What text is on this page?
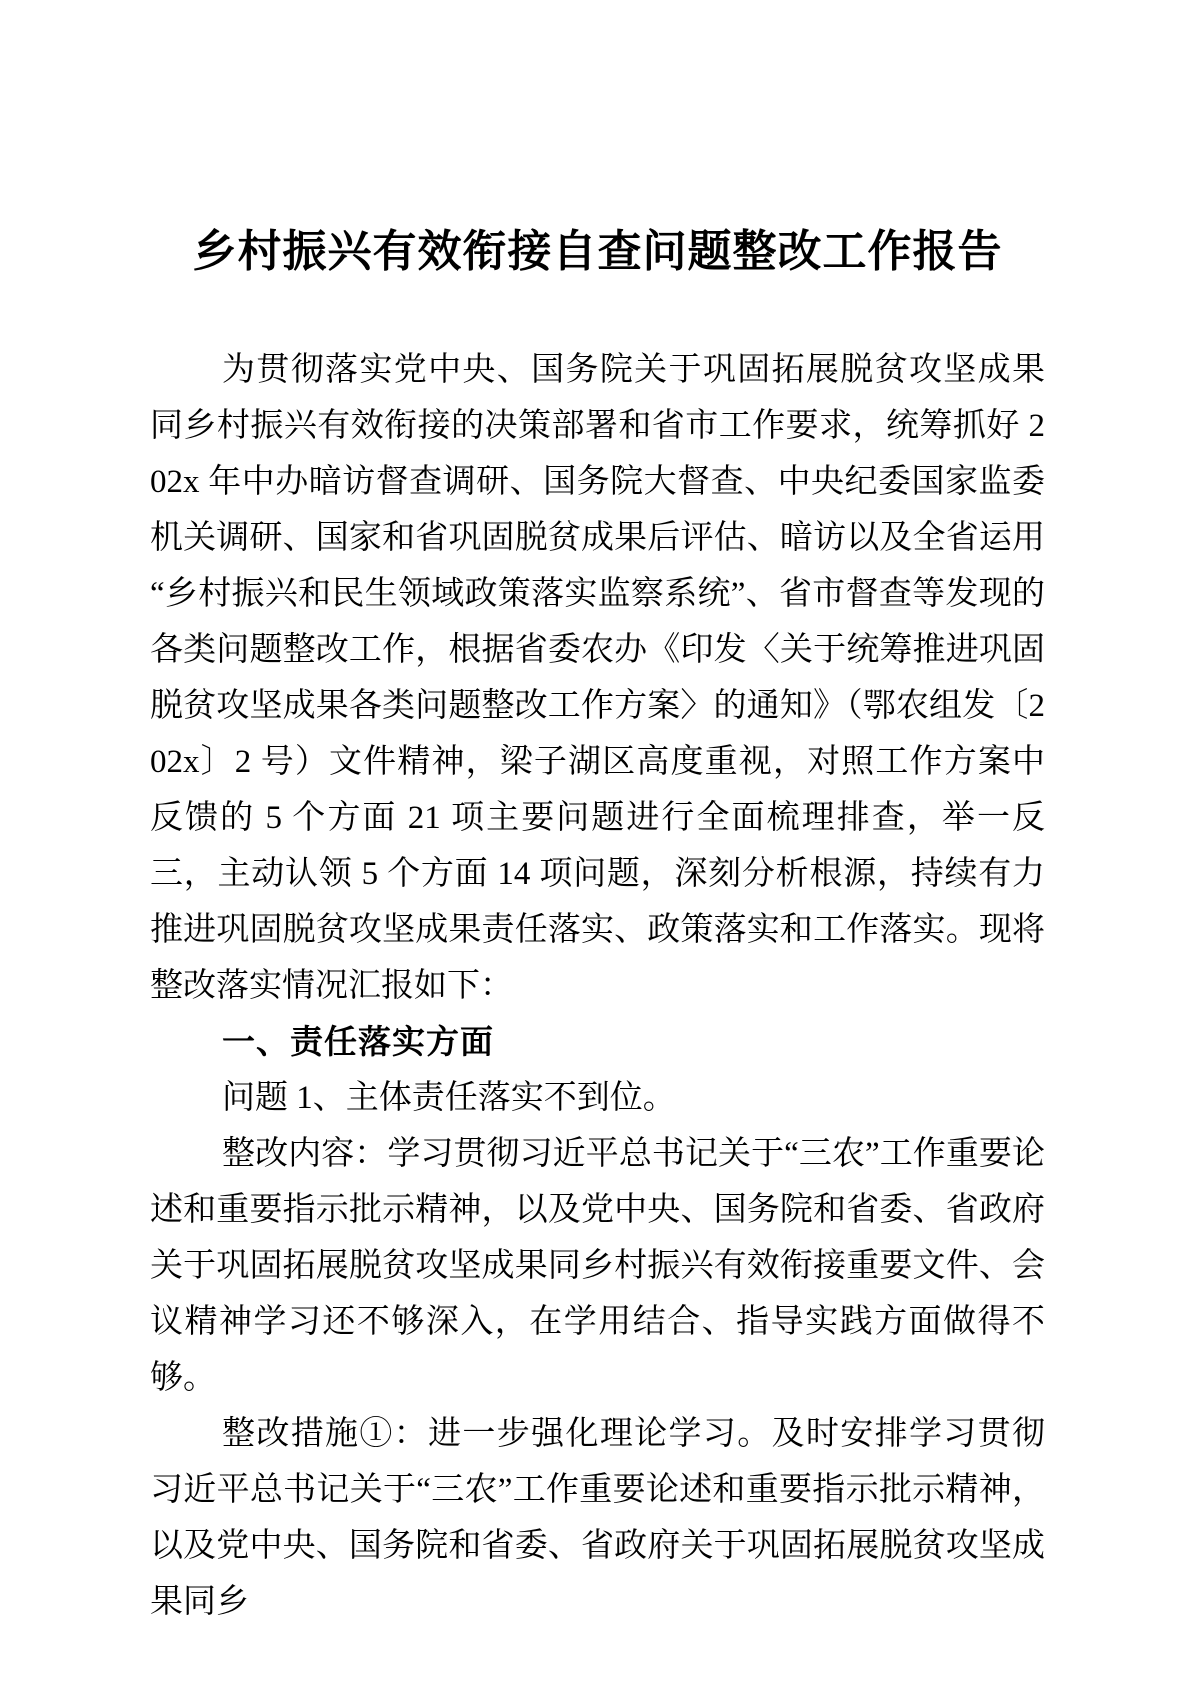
乡村振兴有效衔接自查问题整改工作报告

为贯彻落实党中央、国务院关于巩固拓展脱贫攻坚成果同乡村振兴有效衔接的决策部署和省市工作要求，统筹抓好 202x 年中办暗访督查调研、国务院大督查、中央纪委国家监委机关调研、国家和省巩固脱贫成果后评估、暗访以及全省运用“乡村振兴和民生领域政策落实监察系统”、省市督查等发现的各类问题整改工作，根据省委农办《印发〈关于统筹推进巩固脱贫攻坚成果各类问题整改工作方案〉的通知》（鄂农组发〔202x〕2 号）文件精神，梁子湖区高度重视，对照工作方案中反馈的 5 个方面 21 项主要问题进行全面梳理排查，举一反三，主动认领 5 个方面 14 项问题，深刻分析根源，持续有力推进巩固脱贫攻坚成果责任落实、政策落实和工作落实。现将整改落实情况汇报如下：

一、责任落实方面

问题 1、主体责任落实不到位。

整改内容：学习贯彻习近平总书记关于“三农”工作重要论述和重要指示批示精神，以及党中央、国务院和省委、省政府关于巩固拓展脱贫攻坚成果同乡村振兴有效衔接重要文件、会议精神学习还不够深入，在学用结合、指导实践方面做得不够。

整改措施①：进一步强化理论学习。及时安排学习贯彻习近平总书记关于“三农”工作重要论述和重要指示批示精神，以及党中央、国务院和省委、省政府关于巩固拓展脱贫攻坚成果同乡
